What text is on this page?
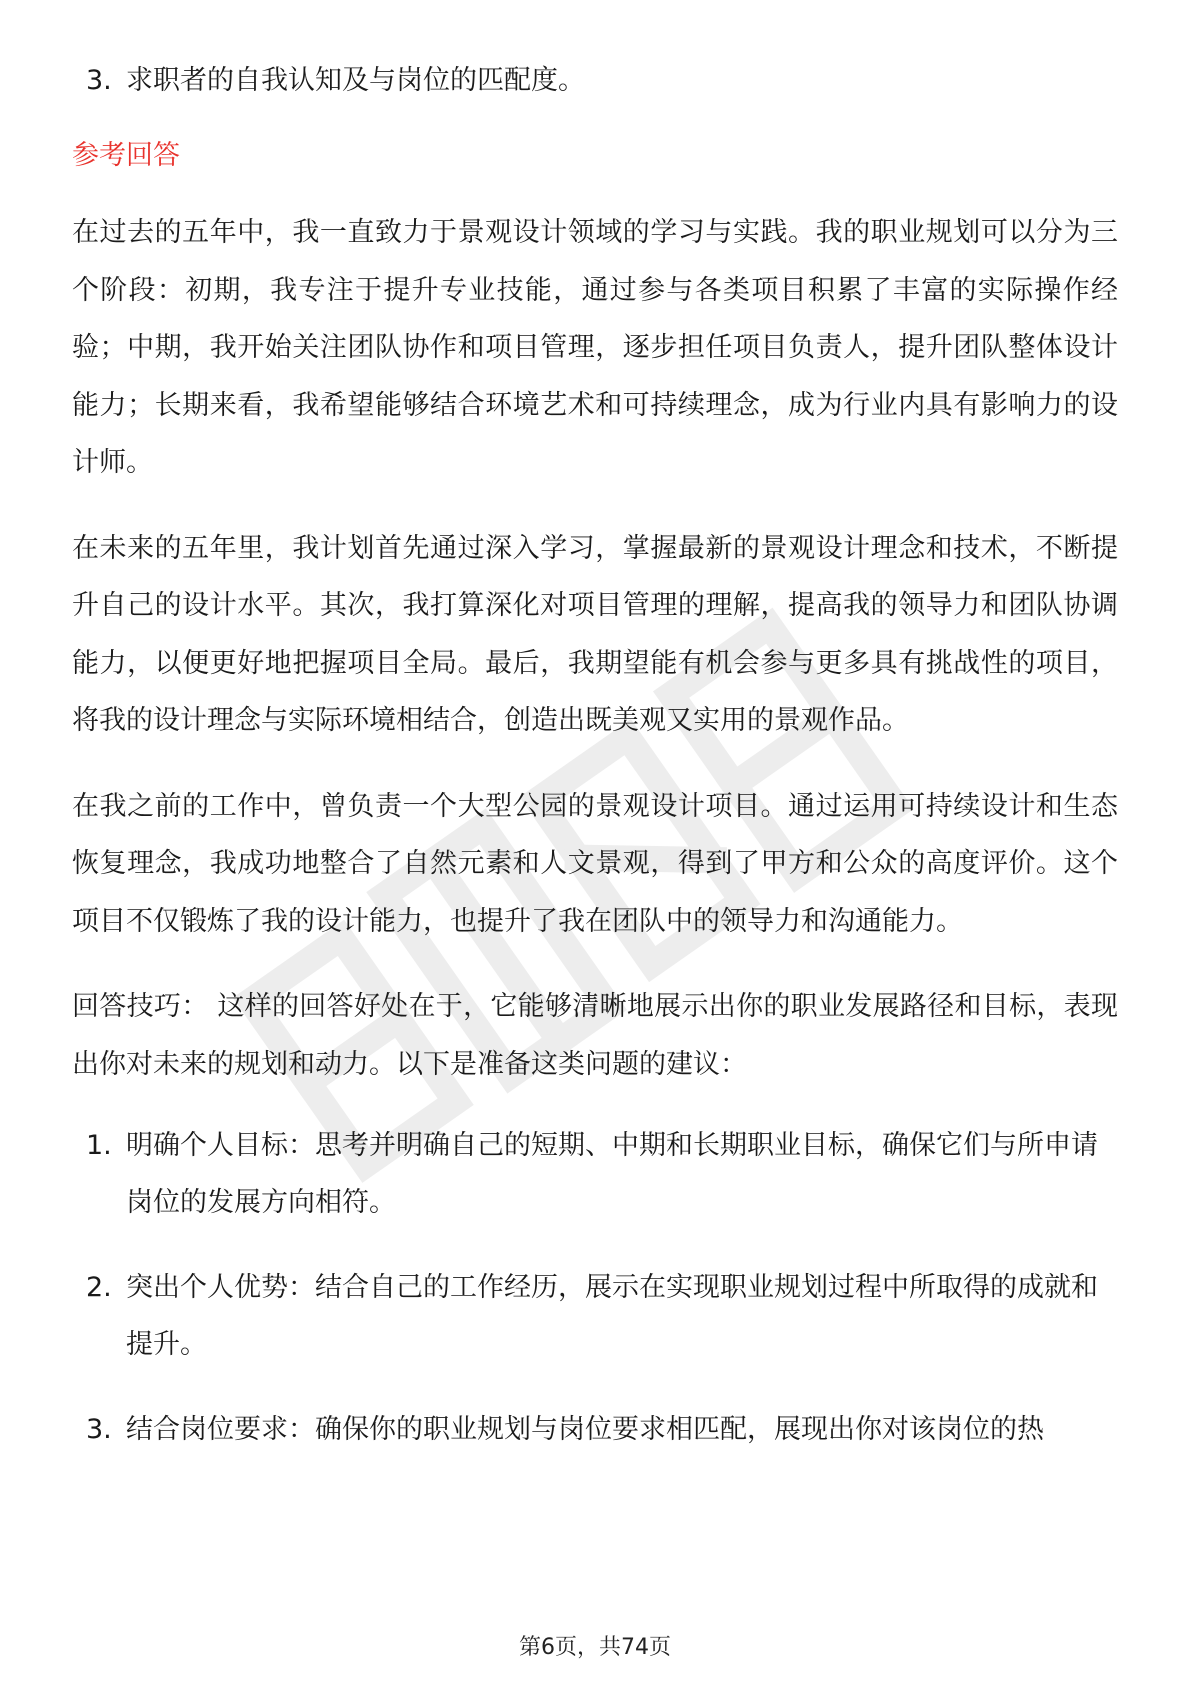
3. 求职者的自我认知及与岗位的匹配度。
参考回答

在过去的五年中，我一直致力于景观设计领域的学习与实践。我的职业规划可以分为三个阶段：初期，我专注于提升专业技能，通过参与各类项目积累了丰富的实际操作经验；中期，我开始关注团队协作和项目管理，逐步担任项目负责人，提升团队整体设计能力；长期来看，我希望能够结合环境艺术和可持续理念，成为行业内具有影响力的设计师。

在未来的五年里，我计划首先通过深入学习，掌握最新的景观设计理念和技术，不断提升自己的设计水平。其次，我打算深化对项目管理的理解，提高我的领导力和团队协调能力，以便更好地把握项目全局。最后，我期望能有机会参与更多具有挑战性的项目，将我的设计理念与实际环境相结合，创造出既美观又实用的景观作品。

在我之前的工作中，曾负责一个大型公园的景观设计项目。通过运用可持续设计和生态恢复理念，我成功地整合了自然元素和人文景观，得到了甲方和公众的高度评价。这个项目不仅锻炼了我的设计能力，也提升了我在团队中的领导力和沟通能力。

回答技巧： 这样的回答好处在于，它能够清晰地展示出你的职业发展路径和目标，表现出你对未来的规划和动力。以下是准备这类问题的建议：

1. 明确个人目标：思考并明确自己的短期、中期和长期职业目标，确保它们与所申请岗位的发展方向相符。
2. 突出个人优势：结合自己的工作经历，展示在实现职业规划过程中所取得的成就和提升。
3. 结合岗位要求：确保你的职业规划与岗位要求相匹配，展现出你对该岗位的热
第6页，共74页
